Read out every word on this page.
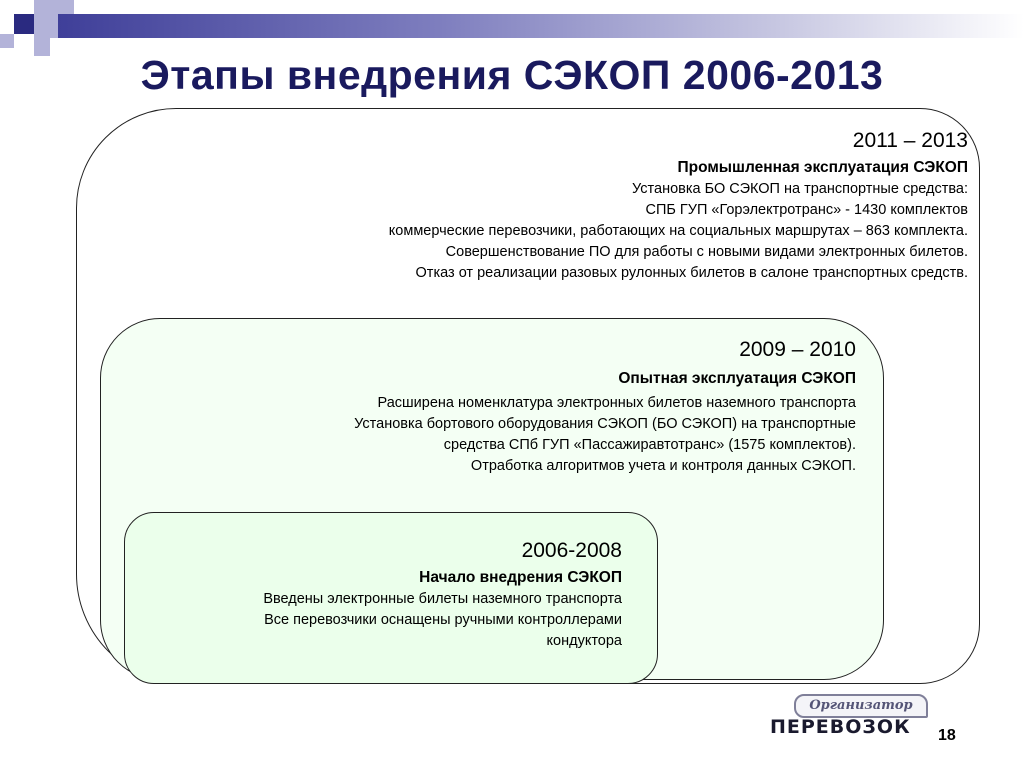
Этапы внедрения СЭКОП 2006-2013
2011 – 2013
Промышленная эксплуатация СЭКОП
Установка БО СЭКОП на транспортные средства:
СПБ ГУП «Горэлектротранс» - 1430 комплектов
коммерческие перевозчики, работающих на социальных маршрутах – 863 комплекта.
Совершенствование ПО для работы с новыми видами электронных билетов.
Отказ от реализации разовых рулонных билетов в салоне транспортных средств.
2009 – 2010
Опытная эксплуатация СЭКОП
Расширена номенклатура электронных билетов наземного транспорта
Установка бортового оборудования СЭКОП (БО СЭКОП) на транспортные
средства СПб ГУП «Пассажиравтотранс» (1575 комплектов).
Отработка алгоритмов учета и контроля данных СЭКОП.
2006-2008
Начало внедрения СЭКОП
Введены электронные билеты наземного транспорта
Все перевозчики оснащены ручными контроллерами
кондуктора
Организатор
ПЕРЕВОЗОК	18
